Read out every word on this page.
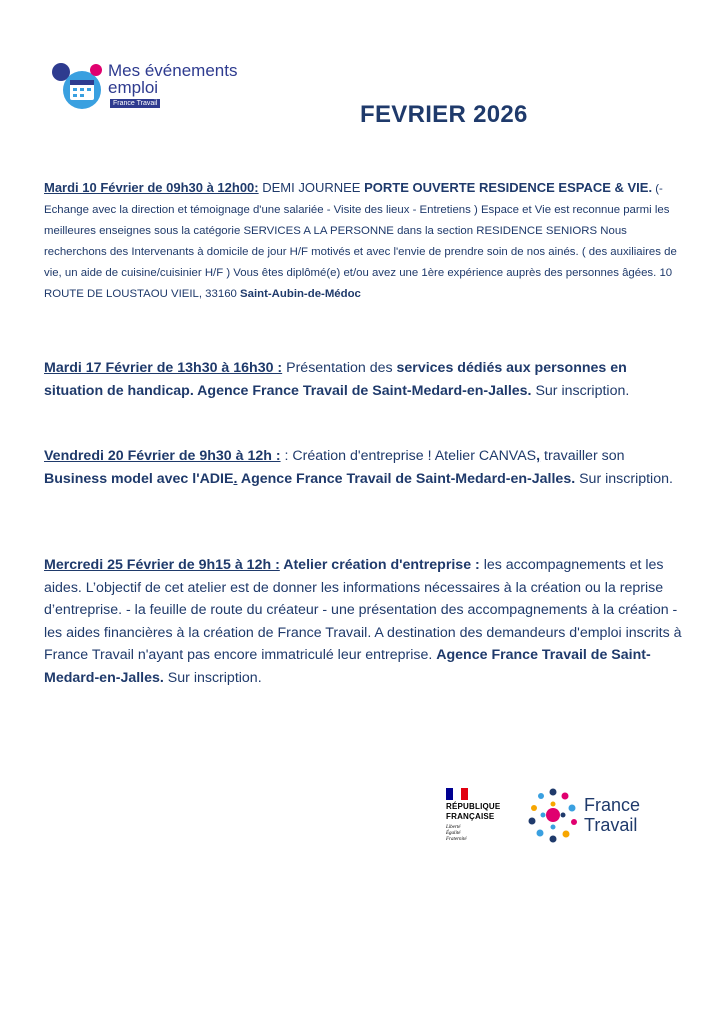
Mes événements
emploi
France Travail	FEVRIER 2026

Mardi 10 Février de 09h30 à 12h00: DEMI JOURNEE PORTE OUVERTE RESIDENCE ESPACE & VIE. (- Echange avec la direction et témoignage d'une salariée - Visite des lieux - Entretiens ) Espace et Vie est reconnue parmi les meilleures enseignes sous la catégorie SERVICES A LA PERSONNE dans la section RESIDENCE SENIORS Nous recherchons des Intervenants à domicile de jour H/F motivés et avec l'envie de prendre soin de nos ainés. ( des auxiliaires de vie, un aide de cuisine/cuisinier H/F ) Vous êtes diplômé(e) et/ou avez une 1ère expérience auprès des personnes âgées. 10 ROUTE DE LOUSTAOU VIEIL, 33160 Saint-Aubin-de-Médoc

Mardi 17 Février de 13h30 à 16h30 : Présentation des services dédiés aux personnes en situation de handicap. Agence France Travail de Saint-Medard-en-Jalles. Sur inscription.

Vendredi 20 Février de 9h30 à 12h : : Création d'entreprise ! Atelier CANVAS, travailler son Business model avec l'ADIE. Agence France Travail de Saint-Medard-en-Jalles. Sur inscription.

Mercredi 25 Février de 9h15 à 12h : Atelier création d'entreprise : les accompagnements et les aides. L’objectif de cet atelier est de donner les informations nécessaires à la création ou la reprise d’entreprise. - la feuille de route du créateur - une présentation des accompagnements à la création - les aides financières à la création de France Travail. A destination des demandeurs d'emploi inscrits à France Travail n'ayant pas encore immatriculé leur entreprise. Agence France Travail de Saint-Medard-en-Jalles. Sur inscription.

RÉPUBLIQUE
FRANÇAISE
Liberté
Égalité
Fraternité
France
Travail
